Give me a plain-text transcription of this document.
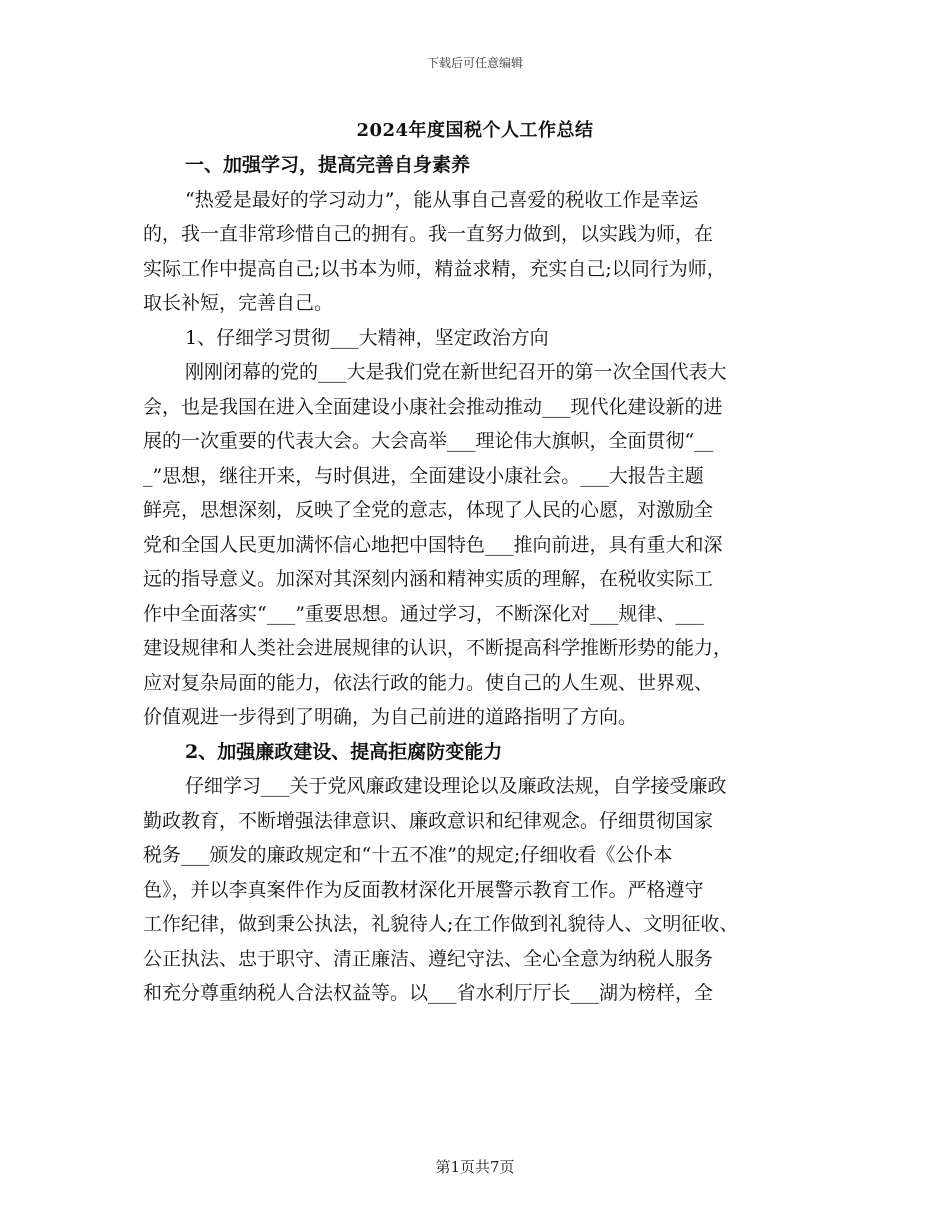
下载后可任意编辑
2024年度国税个人工作总结
一、加强学习，提高完善自身素养
“热爱是最好的学习动力”，能从事自己喜爱的税收工作是幸运
的，我一直非常珍惜自己的拥有。我一直努力做到，以实践为师，在
实际工作中提高自己;以书本为师，精益求精，充实自己;以同行为师，
取长补短，完善自己。
1、仔细学习贯彻___大精神，坚定政治方向
刚刚闭幕的党的___大是我们党在新世纪召开的第一次全国代表大
会，也是我国在进入全面建设小康社会推动推动___现代化建设新的进
展的一次重要的代表大会。大会高举___理论伟大旗帜，全面贯彻“__
_”思想，继往开来，与时俱进，全面建设小康社会。___大报告主题
鲜亮，思想深刻，反映了全党的意志，体现了人民的心愿，对激励全
党和全国人民更加满怀信心地把中国特色___推向前进，具有重大和深
远的指导意义。加深对其深刻内涵和精神实质的理解，在税收实际工
作中全面落实“___”重要思想。通过学习，不断深化对___规律、___
建设规律和人类社会进展规律的认识，不断提高科学推断形势的能力，
应对复杂局面的能力，依法行政的能力。使自己的人生观、世界观、
价值观进一步得到了明确，为自己前进的道路指明了方向。
2、加强廉政建设、提高拒腐防变能力
仔细学习___关于党风廉政建设理论以及廉政法规，自学接受廉政
勤政教育，不断增强法律意识、廉政意识和纪律观念。仔细贯彻国家
税务___颁发的廉政规定和“十五不准”的规定;仔细收看《公仆本
色》，并以李真案件作为反面教材深化开展警示教育工作。严格遵守
工作纪律，做到秉公执法，礼貌待人;在工作做到礼貌待人、文明征收、
公正执法、忠于职守、清正廉洁、遵纪守法、全心全意为纳税人服务
和充分尊重纳税人合法权益等。以___省水利厅厅长___湖为榜样，全
第1页共7页
